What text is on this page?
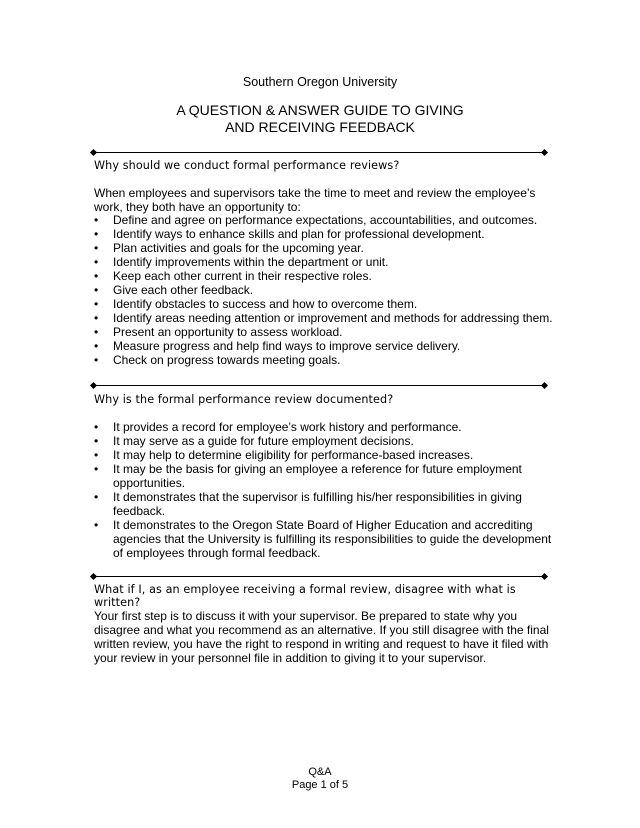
Southern Oregon University
A QUESTION & ANSWER GUIDE TO GIVING
AND RECEIVING FEEDBACK
Why should we conduct formal performance reviews?
When employees and supervisors take the time to meet and review the employee’s work, they both have an opportunity to:
• Define and agree on performance expectations, accountabilities, and outcomes.
• Identify ways to enhance skills and plan for professional development.
• Plan activities and goals for the upcoming year.
• Identify improvements within the department or unit.
• Keep each other current in their respective roles.
• Give each other feedback.
• Identify obstacles to success and how to overcome them.
• Identify areas needing attention or improvement and methods for addressing them.
• Present an opportunity to assess workload.
• Measure progress and help find ways to improve service delivery.
• Check on progress towards meeting goals.
Why is the formal performance review documented?
• It provides a record for employee’s work history and performance.
• It may serve as a guide for future employment decisions.
• It may help to determine eligibility for performance-based increases.
• It may be the basis for giving an employee a reference for future employment opportunities.
• It demonstrates that the supervisor is fulfilling his/her responsibilities in giving feedback.
• It demonstrates to the Oregon State Board of Higher Education and accrediting agencies that the University is fulfilling its responsibilities to guide the development of employees through formal feedback.
What if I, as an employee receiving a formal review, disagree with what is written?
Your first step is to discuss it with your supervisor. Be prepared to state why you disagree and what you recommend as an alternative. If you still disagree with the final written review, you have the right to respond in writing and request to have it filed with your review in your personnel file in addition to giving it to your supervisor.
Q&A
Page 1 of 5
